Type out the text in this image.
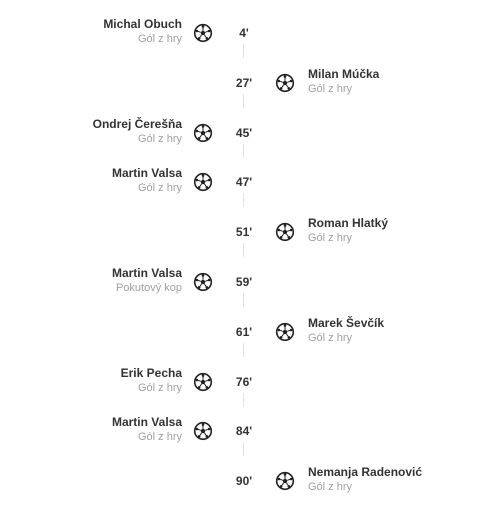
4'
Michal Obuch
Gól z hry
27'
Milan Múčka
Gól z hry
45'
Ondrej Čerešňa
Gól z hry
47'
Martin Valsa
Gól z hry
51'
Roman Hlatký
Gól z hry
59'
Martin Valsa
Pokutový kop
61'
Marek Ševčík
Gól z hry
76'
Erik Pecha
Gól z hry
84'
Martin Valsa
Gól z hry
90'
Nemanja Radenović
Gól z hry
